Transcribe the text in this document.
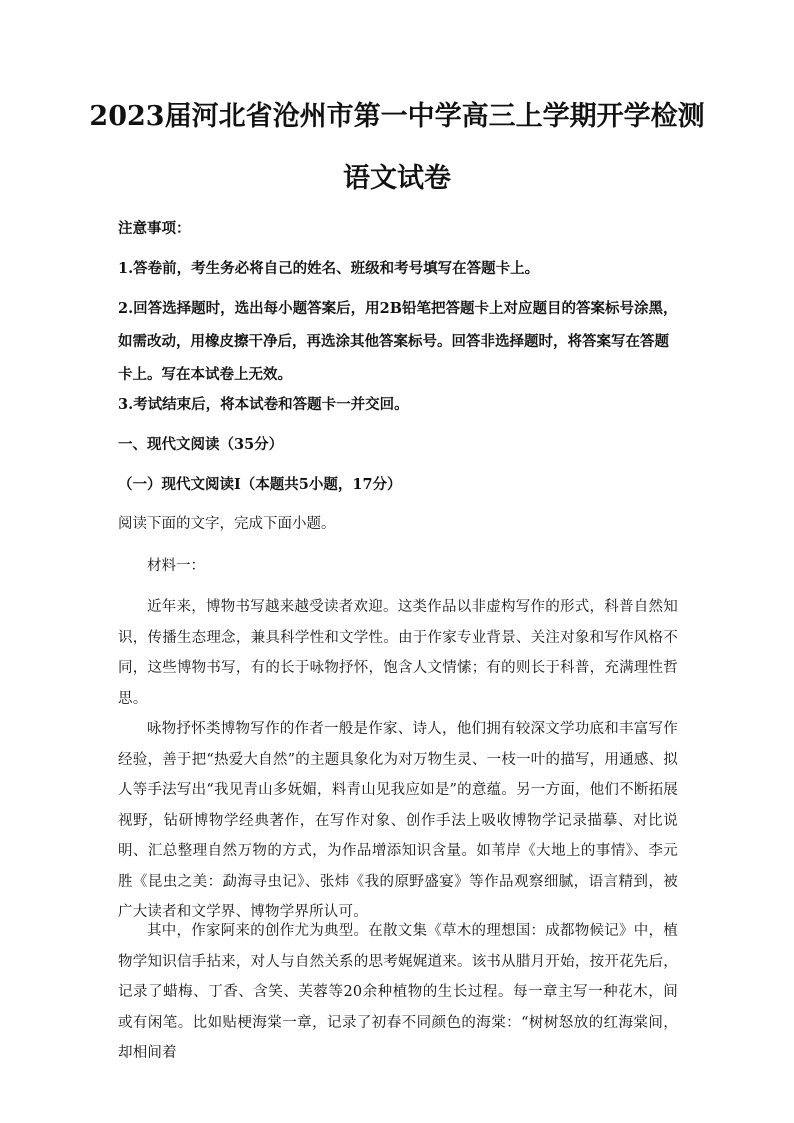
2023届河北省沧州市第一中学高三上学期开学检测
语文试卷
注意事项：
1.答卷前，考生务必将自己的姓名、班级和考号填写在答题卡上。
2.回答选择题时，选出每小题答案后，用2B铅笔把答题卡上对应题目的答案标号涂黑，如需改动，用橡皮擦干净后，再选涂其他答案标号。回答非选择题时，将答案写在答题卡上。写在本试卷上无效。
3.考试结束后，将本试卷和答题卡一并交回。
一、现代文阅读（35分）
（一）现代文阅读Ⅰ（本题共5小题，17分）
阅读下面的文字，完成下面小题。
材料一：
近年来，博物书写越来越受读者欢迎。这类作品以非虚构写作的形式，科普自然知识，传播生态理念，兼具科学性和文学性。由于作家专业背景、关注对象和写作风格不同，这些博物书写，有的长于咏物抒怀，饱含人文情愫；有的则长于科普，充满理性哲思。
咏物抒怀类博物写作的作者一般是作家、诗人，他们拥有较深文学功底和丰富写作经验，善于把“热爱大自然”的主题具象化为对万物生灵、一枝一叶的描写，用通感、拟人等手法写出“我见青山多妩媚，料青山见我应如是”的意蕴。另一方面，他们不断拓展视野，钻研博物学经典著作，在写作对象、创作手法上吸收博物学记录描摹、对比说明、汇总整理自然万物的方式，为作品增添知识含量。如苇岸《大地上的事情》、李元胜《昆虫之美：勐海寻虫记》、张炜《我的原野盛宴》等作品观察细腻，语言精到，被广大读者和文学界、博物学界所认可。
其中，作家阿来的创作尤为典型。在散文集《草木的理想国：成都物候记》中，植物学知识信手拈来，对人与自然关系的思考娓娓道来。该书从腊月开始，按开花先后，记录了蜡梅、丁香、含笑、芙蓉等20余种植物的生长过程。每一章主写一种花木，间或有闲笔。比如贴梗海棠一章，记录了初春不同颜色的海棠：“树树怒放的红海棠间，却相间着
